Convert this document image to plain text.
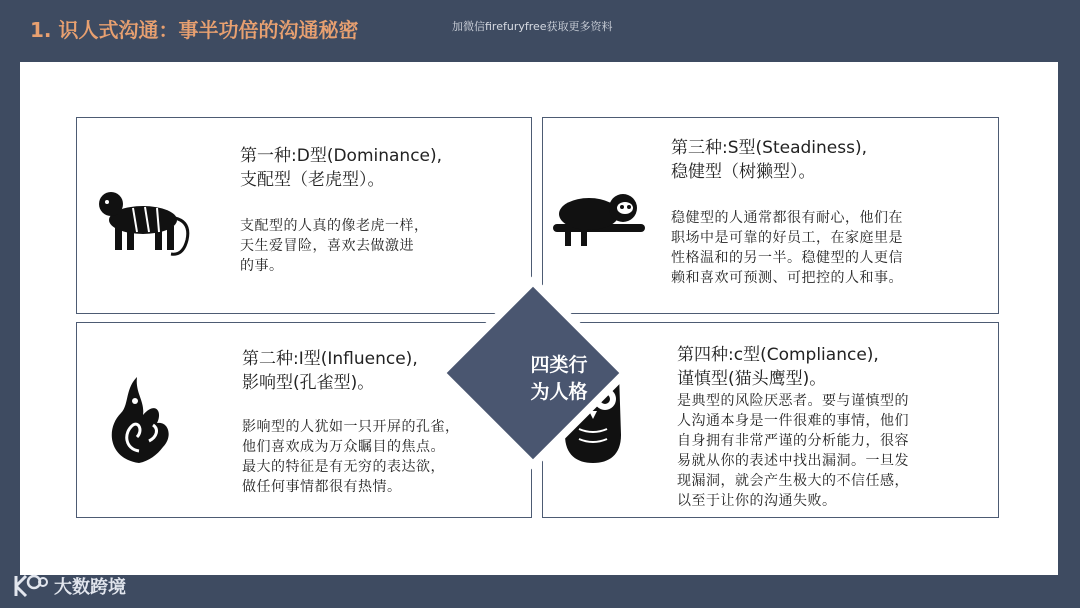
1. 识人式沟通：事半功倍的沟通秘密	加微信firefuryfree获取更多资料
第一种:D型(Dominance),
支配型（老虎型）。
支配型的人真的像老虎一样，
天生爱冒险，喜欢去做激进
的事。
第三种:S型(Steadiness),
稳健型（树獭型）。
稳健型的人通常都很有耐心，他们在
职场中是可靠的好员工，在家庭里是
性格温和的另一半。稳健型的人更信
赖和喜欢可预测、可把控的人和事。
第二种:I型(Influence),
影响型(孔雀型)。
影响型的人犹如一只开屏的孔雀，
他们喜欢成为万众瞩目的焦点。
最大的特征是有无穷的表达欲，
做任何事情都很有热情。
第四种:c型(Compliance),
谨慎型(猫头鹰型)。
是典型的风险厌恶者。要与谨慎型的
人沟通本身是一件很难的事情，他们
自身拥有非常严谨的分析能力，很容
易就从你的表述中找出漏洞。一旦发
现漏洞，就会产生极大的不信任感，
以至于让你的沟通失败。
四类行
为人格
大数跨境
